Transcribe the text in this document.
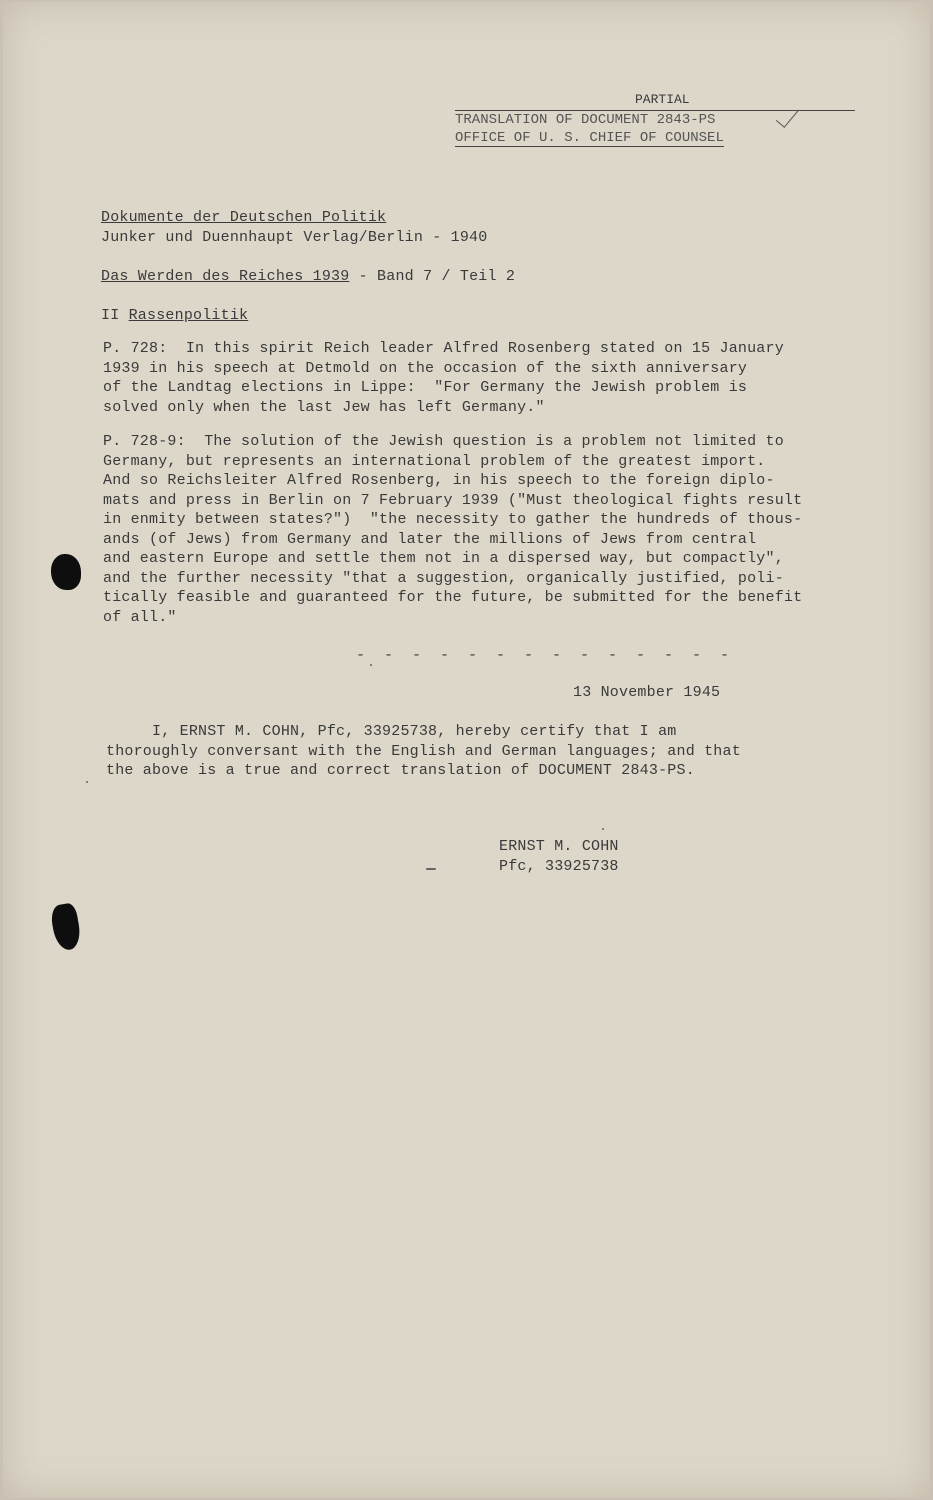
PARTIAL
TRANSLATION OF DOCUMENT 2843-PS
OFFICE OF U. S. CHIEF OF COUNSEL
Dokumente der Deutschen Politik
Junker und Duennhaupt Verlag/Berlin - 1940

Das Werden des Reiches 1939 - Band 7 / Teil 2

II Rassenpolitik
P. 728:  In this spirit Reich leader Alfred Rosenberg stated on 15 January
1939 in his speech at Detmold on the occasion of the sixth anniversary
of the Landtag elections in Lippe:  "For Germany the Jewish problem is
solved only when the last Jew has left Germany."
P. 728-9:  The solution of the Jewish question is a problem not limited to
Germany, but represents an international problem of the greatest import.
And so Reichsleiter Alfred Rosenberg, in his speech to the foreign diplo-
mats and press in Berlin on 7 February 1939 ("Must theological fights result
in enmity between states?")  "the necessity to gather the hundreds of thous-
ands (of Jews) from Germany and later the millions of Jews from central
and eastern Europe and settle them not in a dispersed way, but compactly",
and the further necessity "that a suggestion, organically justified, poli-
tically feasible and guaranteed for the future, be submitted for the benefit
of all."
- - - - - - - - - - - - - -
13 November 1945
I, ERNST M. COHN, Pfc, 33925738, hereby certify that I am
thoroughly conversant with the English and German languages; and that
the above is a true and correct translation of DOCUMENT 2843-PS.
ERNST M. COHN
Pfc, 33925738
